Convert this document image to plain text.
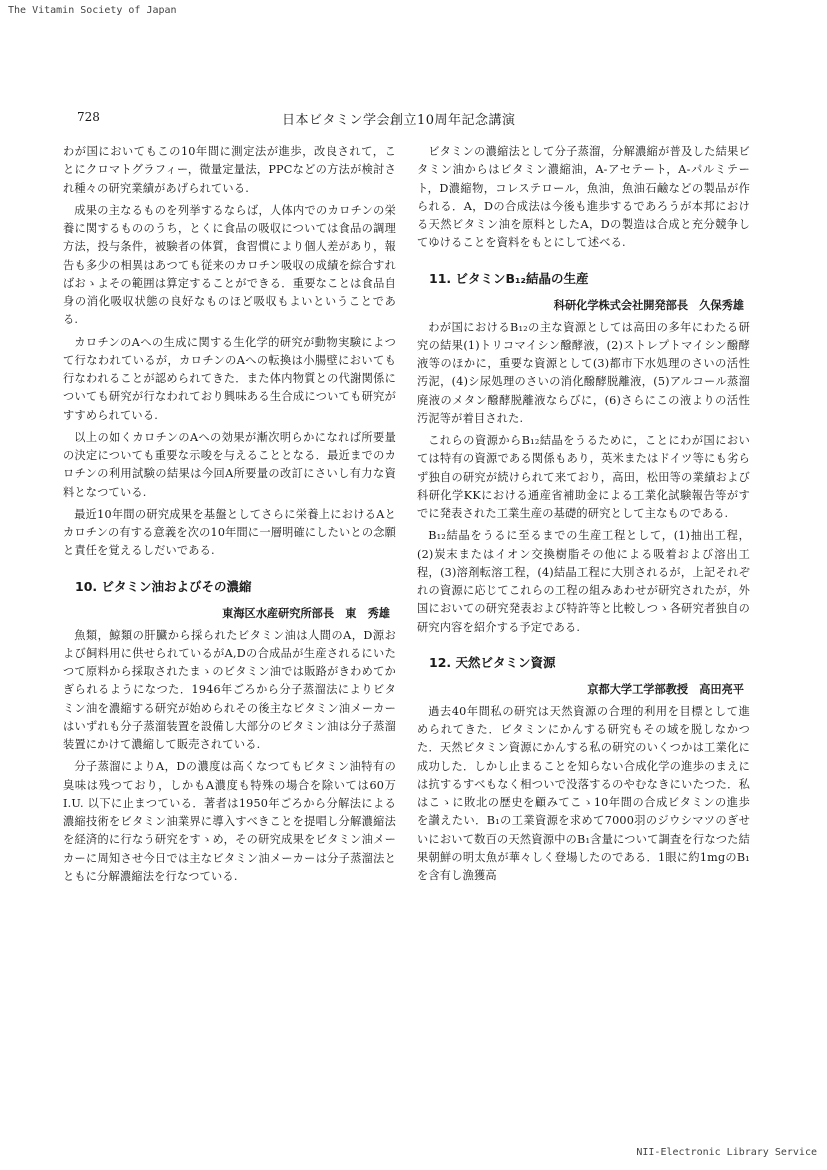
The Vitamin Society of Japan
728	日本ビタミン学会創立10周年記念講演

わが国においてもこの10年間に測定法が進歩，改良されて，ことにクロマトグラフィー，微量定量法，PPCなどの方法が検討され種々の研究業績があげられている.

成果の主なるものを列挙するならば，人体内でのカロチンの栄養に関するもののうち，とくに食品の吸収については食品の調理方法，投与条件，被験者の体質，食習慣により個人差があり，報告も多少の相異はあつても従来のカロチン吸収の成績を綜合すればおゝよその範囲は算定することができる．重要なことは食品自身の消化吸収状態の良好なものほど吸収もよいということである.

カロチンのAへの生成に関する生化学的研究が動物実験によつて行なわれているが，カロチンのAへの転換は小腸壁においても行なわれることが認められてきた．また体内物質との代謝関係についても研究が行なわれており興味ある生合成についても研究がすすめられている.

以上の如くカロチンのAへの効果が漸次明らかになれば所要量の決定についても重要な示唆を与えることとなる．最近までのカロチンの利用試験の結果は今回A所要量の改訂にさいし有力な資料となつている.

最近10年間の研究成果を基盤としてさらに栄養上におけるAとカロチンの有する意義を次の10年間に一層明確にしたいとの念願と責任を覚えるしだいである.

10. ビタミン油およびその濃縮
東海区水産研究所部長　東　秀雄

魚類，鯨類の肝臓から採られたビタミン油は人間のA，D源および飼料用に供せられているがA,Dの合成品が生産されるにいたつて原料から採取されたまゝのビタミン油では販路がきわめてかぎられるようになつた．1946年ごろから分子蒸溜法によりビタミン油を濃縮する研究が始められその後主なビタミン油メーカーはいずれも分子蒸溜装置を設備し大部分のビタミン油は分子蒸溜装置にかけて濃縮して販売されている.

分子蒸溜によりA，Dの濃度は高くなつてもビタミン油特有の臭味は残つており，しかもA濃度も特殊の場合を除いては60万 I.U. 以下に止まつている．著者は1950年ごろから分解法による濃縮技術をビタミン油業界に導入すべきことを提唱し分解濃縮法を経済的に行なう研究をすゝめ，その研究成果をビタミン油メーカーに周知させ今日では主なビタミン油メーカーは分子蒸溜法とともに分解濃縮法を行なつている.

ビタミンの濃縮法として分子蒸溜，分解濃縮が普及した結果ビタミン油からはビタミン濃縮油，A-アセテート，A-パルミテート，D濃縮物，コレステロール，魚油，魚油石鹼などの製品が作られる．A，Dの合成法は今後も進歩するであろうが本邦における天然ビタミン油を原料としたA，Dの製造は合成と充分競争してゆけることを資料をもとにして述べる.

11. ビタミンB₁₂結晶の生産
科研化学株式会社開発部長　久保秀雄

わが国におけるB₁₂の主な資源としては高田の多年にわたる研究の結果(1)トリコマイシン醱酵液，(2)ストレプトマイシン醱酵液等のほかに，重要な資源として(3)都市下水処理のさいの活性汚泥，(4)シ尿処理のさいの消化醱酵脱離液，(5)アルコール蒸溜廃液のメタン醱酵脱離液ならびに，(6)さらにこの液よりの活性汚泥等が着目された.

これらの資源からB₁₂結晶をうるために，ことにわが国においては特有の資源である関係もあり，英米またはドイツ等にも劣らず独自の研究が続けられて来ており，高田，松田等の業績および科研化学KKにおける通産省補助金による工業化試験報告等がすでに発表された工業生産の基礎的研究として主なものである.

B₁₂結晶をうるに至るまでの生産工程として，(1)抽出工程，(2)炭末またはイオン交換樹脂その他による吸着および溶出工程，(3)溶剤転溶工程，(4)結晶工程に大別されるが，上記それぞれの資源に応じてこれらの工程の組みあわせが研究されたが，外国においての研究発表および特許等と比較しつゝ各研究者独自の研究内容を紹介する予定である.

12. 天然ビタミン資源
京都大学工学部教授　高田亮平

過去40年間私の研究は天然資源の合理的利用を目標として進められてきた．ビタミンにかんする研究もその域を脱しなかつた．天然ビタミン資源にかんする私の研究のいくつかは工業化に成功した．しかし止まることを知らない合成化学の進歩のまえには抗するすべもなく相ついで没落するのやむなきにいたつた．私はこゝに敗北の歴史を顧みてこゝ10年間の合成ビタミンの進歩を讃えたい．B₁の工業資源を求めて7000羽のジウシマツのぎせいにおいて数百の天然資源中のB₁含量について調査を行なつた結果朝鮮の明太魚が華々しく登場したのである．1眼に約1mgのB₁を含有し漁獲高

NII-Electronic Library Service
